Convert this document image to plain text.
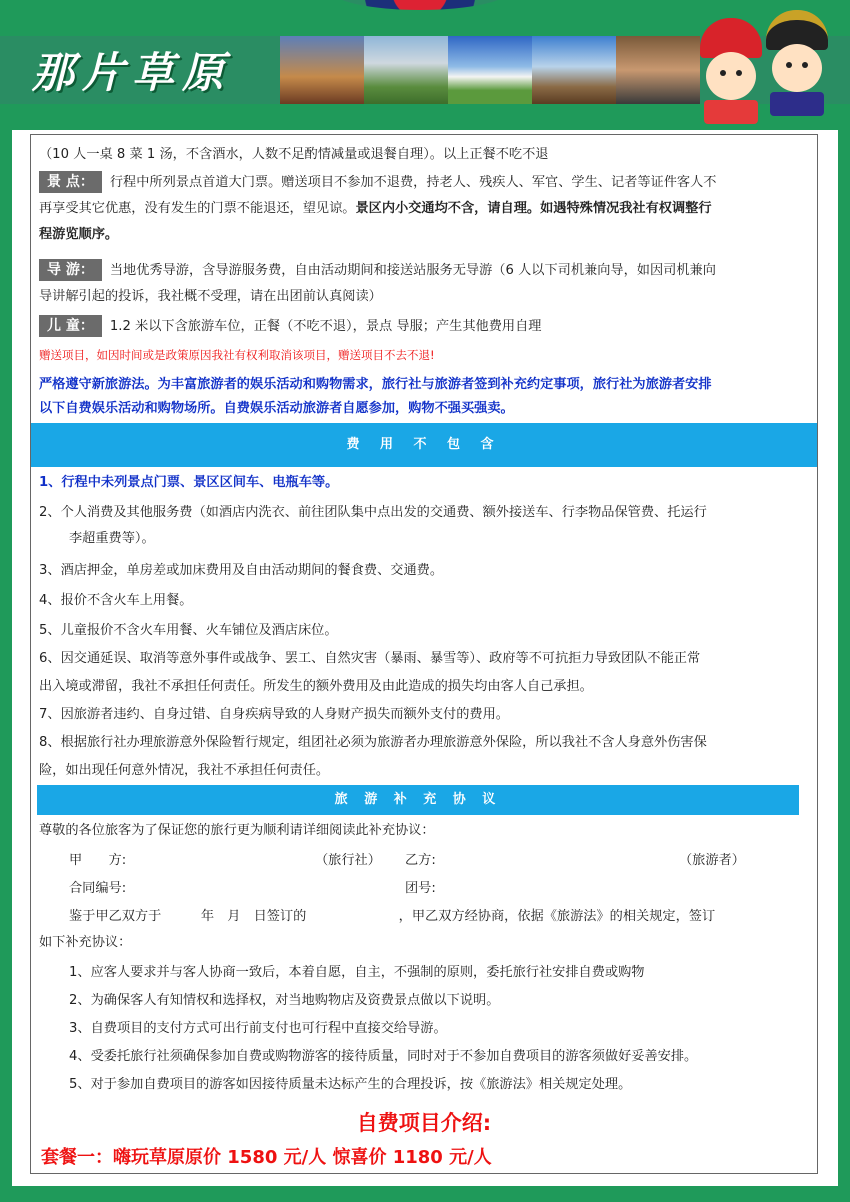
那片草原
（10 人一桌 8 菜 1 汤，不含酒水，人数不足酌情减量或退餐自理）。以上正餐不吃不退
景 点： 行程中所列景点首道大门票。赠送项目不参加不退费，持老人、残疾人、军官、学生、记者等证件客人不
再享受其它优惠，没有发生的门票不能退还，望见谅。景区内小交通均不含，请自理。如遇特殊情况我社有权调整行
程游览顺序。
导 游： 当地优秀导游，含导游服务费，自由活动期间和接送站服务无导游（6 人以下司机兼向导，如因司机兼向
导讲解引起的投诉，我社概不受理，请在出团前认真阅读）
儿 童： 1.2 米以下含旅游车位，正餐（不吃不退），景点 导服；产生其他费用自理
赠送项目，如因时间或是政策原因我社有权利取消该项目，赠送项目不去不退!
严格遵守新旅游法。为丰富旅游者的娱乐活动和购物需求，旅行社与旅游者签到补充约定事项，旅行社为旅游者安排
以下自费娱乐活动和购物场所。自费娱乐活动旅游者自愿参加，购物不强买强卖。
费 用 不 包 含
1、行程中未列景点门票、景区区间车、电瓶车等。
2、个人消费及其他服务费（如酒店内洗衣、前往团队集中点出发的交通费、额外接送车、行李物品保管费、托运行
李超重费等）。
3、酒店押金，单房差或加床费用及自由活动期间的餐食费、交通费。
4、报价不含火车上用餐。
5、儿童报价不含火车用餐、火车铺位及酒店床位。
6、因交通延误、取消等意外事件或战争、罢工、自然灾害（暴雨、暴雪等）、政府等不可抗拒力导致团队不能正常
出入境或滞留，我社不承担任何责任。所发生的额外费用及由此造成的损失均由客人自己承担。
7、因旅游者违约、自身过错、自身疾病导致的人身财产损失而额外支付的费用。
8、根据旅行社办理旅游意外保险暂行规定，组团社必须为旅游者办理旅游意外保险，所以我社不含人身意外伤害保
险，如出现任何意外情况，我社不承担任何责任。
旅 游 补 充 协 议
尊敬的各位旅客为了保证您的旅行更为顺利请详细阅读此补充协议：
甲　　方:	（旅行社） 乙方:	（旅游者）
合同编号:	团号:
鉴于甲乙双方于　　　年　月　日签订的　　　　　　　，甲乙双方经协商，依据《旅游法》的相关规定，签订
如下补充协议：
1、应客人要求并与客人协商一致后，本着自愿，自主，不强制的原则，委托旅行社安排自费或购物
2、为确保客人有知情权和选择权，对当地购物店及资费景点做以下说明。
3、自费项目的支付方式可出行前支付也可行程中直接交给导游。
4、受委托旅行社须确保参加自费或购物游客的接待质量，同时对于不参加自费项目的游客须做好妥善安排。
5、对于参加自费项目的游客如因接待质量未达标产生的合理投诉，按《旅游法》相关规定处理。
自费项目介绍:
套餐一：嗨玩草原原价 1580 元/人 惊喜价 1180 元/人
